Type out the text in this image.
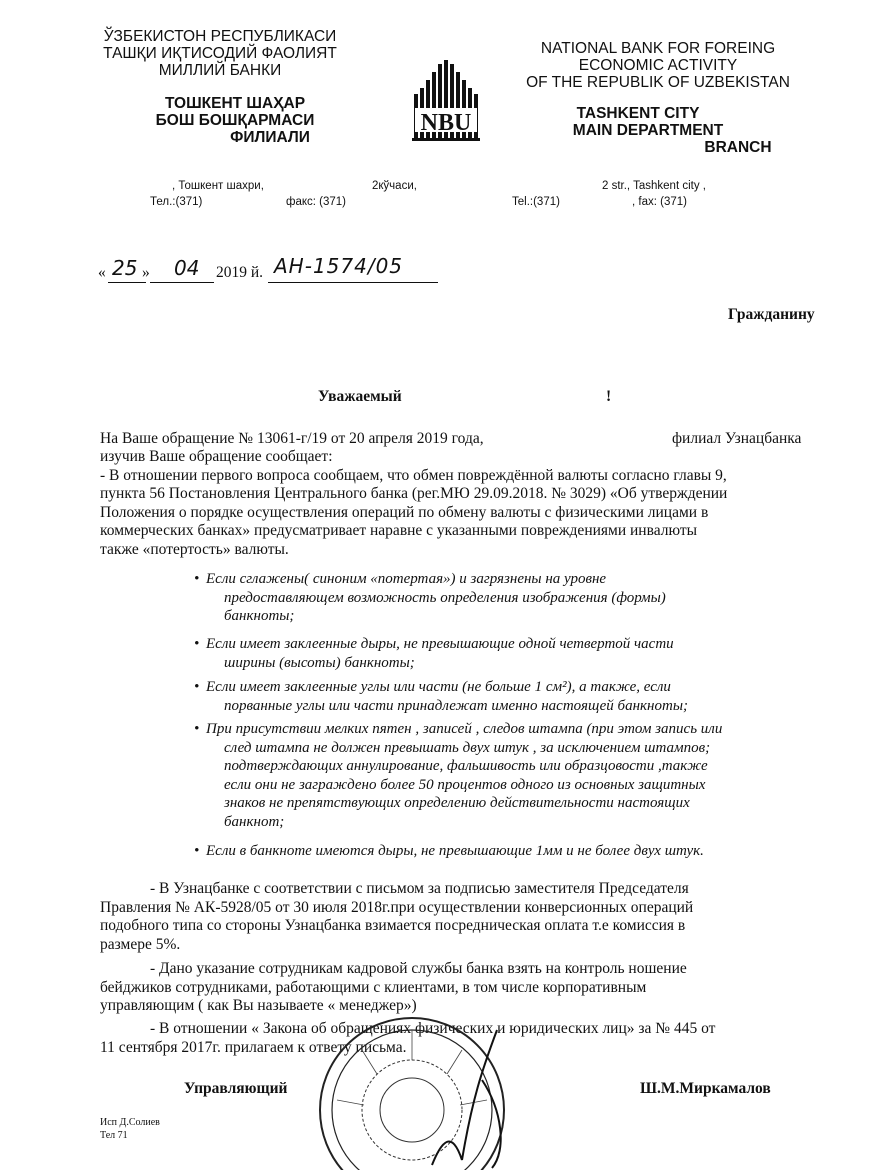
ЎЗБЕКИСТОН РЕСПУБЛИКАСИ
ТАШҚИ ИҚТИСОДИЙ ФАОЛИЯТ
МИЛЛИЙ БАНКИ
ТОШКЕНТ ШАҲАР
БОШ БОШҚАРМАСИ
ФИЛИАЛИ
NBU
NATIONAL BANK FOR FOREING
ECONOMIC ACTIVITY
OF THE REPUBLIK OF UZBEKISTAN
TASHKENT CITY
MAIN DEPARTMENT
BRANCH
, Тошкент шахри,	2кўчаси,
Тел.:(371)	факс: (371)
2 str., Tashkent city ,
Tel.:(371)	, fax: (371)
« 25 » 04 2019 й. АН-1574/05
Гражданину
Уважаемый	!
На Ваше обращение № 13061-г/19 от 20 апреля 2019 года,	филиал Узнацбанка
изучив Ваше обращение сообщает:
- В отношении первого вопроса сообщаем, что обмен повреждённой валюты согласно главы 9,
пункта 56 Постановления Центрального банка (рег.МЮ 29.09.2018. № 3029) «Об утверждении
Положения о порядке осуществления операций по обмену валюты с физическими лицами в
коммерческих банках» предусматривает наравне с указанными повреждениями инвалюты
также «потертость» валюты.
• Если сглажены( синоним «потертая») и загрязнены на уровне
предоставляющем возможность определения изображения (формы)
банкноты;
• Если имеет заклеенные дыры, не превышающие одной четвертой части
ширины (высоты) банкноты;
• Если имеет заклеенные углы или части (не больше 1 см²), а также, если
порванные углы или части принадлежат именно настоящей банкноты;
• При присутствии мелких пятен , записей , следов штампа (при этом запись или
след штампа не должен превышать двух штук , за исключением штампов;
подтверждающих аннулирование, фальшивость или образцовости ,также
если они не заграждено более 50 процентов одного из основных защитных
знаков не препятствующих определению действительности настоящих
банкнот;
• Если в банкноте имеются дыры, не превышающие 1мм и не более двух штук.
- В Узнацбанке с соответствии с письмом за подписью заместителя Председателя
Правления № АК-5928/05 от 30 июля 2018г.при осуществлении конверсионных операций
подобного типа со стороны Узнацбанка взимается посредническая оплата т.е комиссия в
размере 5%.
- Дано указание сотрудникам кадровой службы банка взять на контроль ношение
бейджиков сотрудниками, работающими с клиентами, в том числе корпоративным
управляющим ( как Вы называете « менеджер»)
- В отношении « Закона об обращениях физических и юридических лиц» за № 445 от
11 сентября 2017г. прилагаем к ответу письма.
Управляющий	Ш.М.Миркамалов
Исп Д.Солиев
Тел 71
